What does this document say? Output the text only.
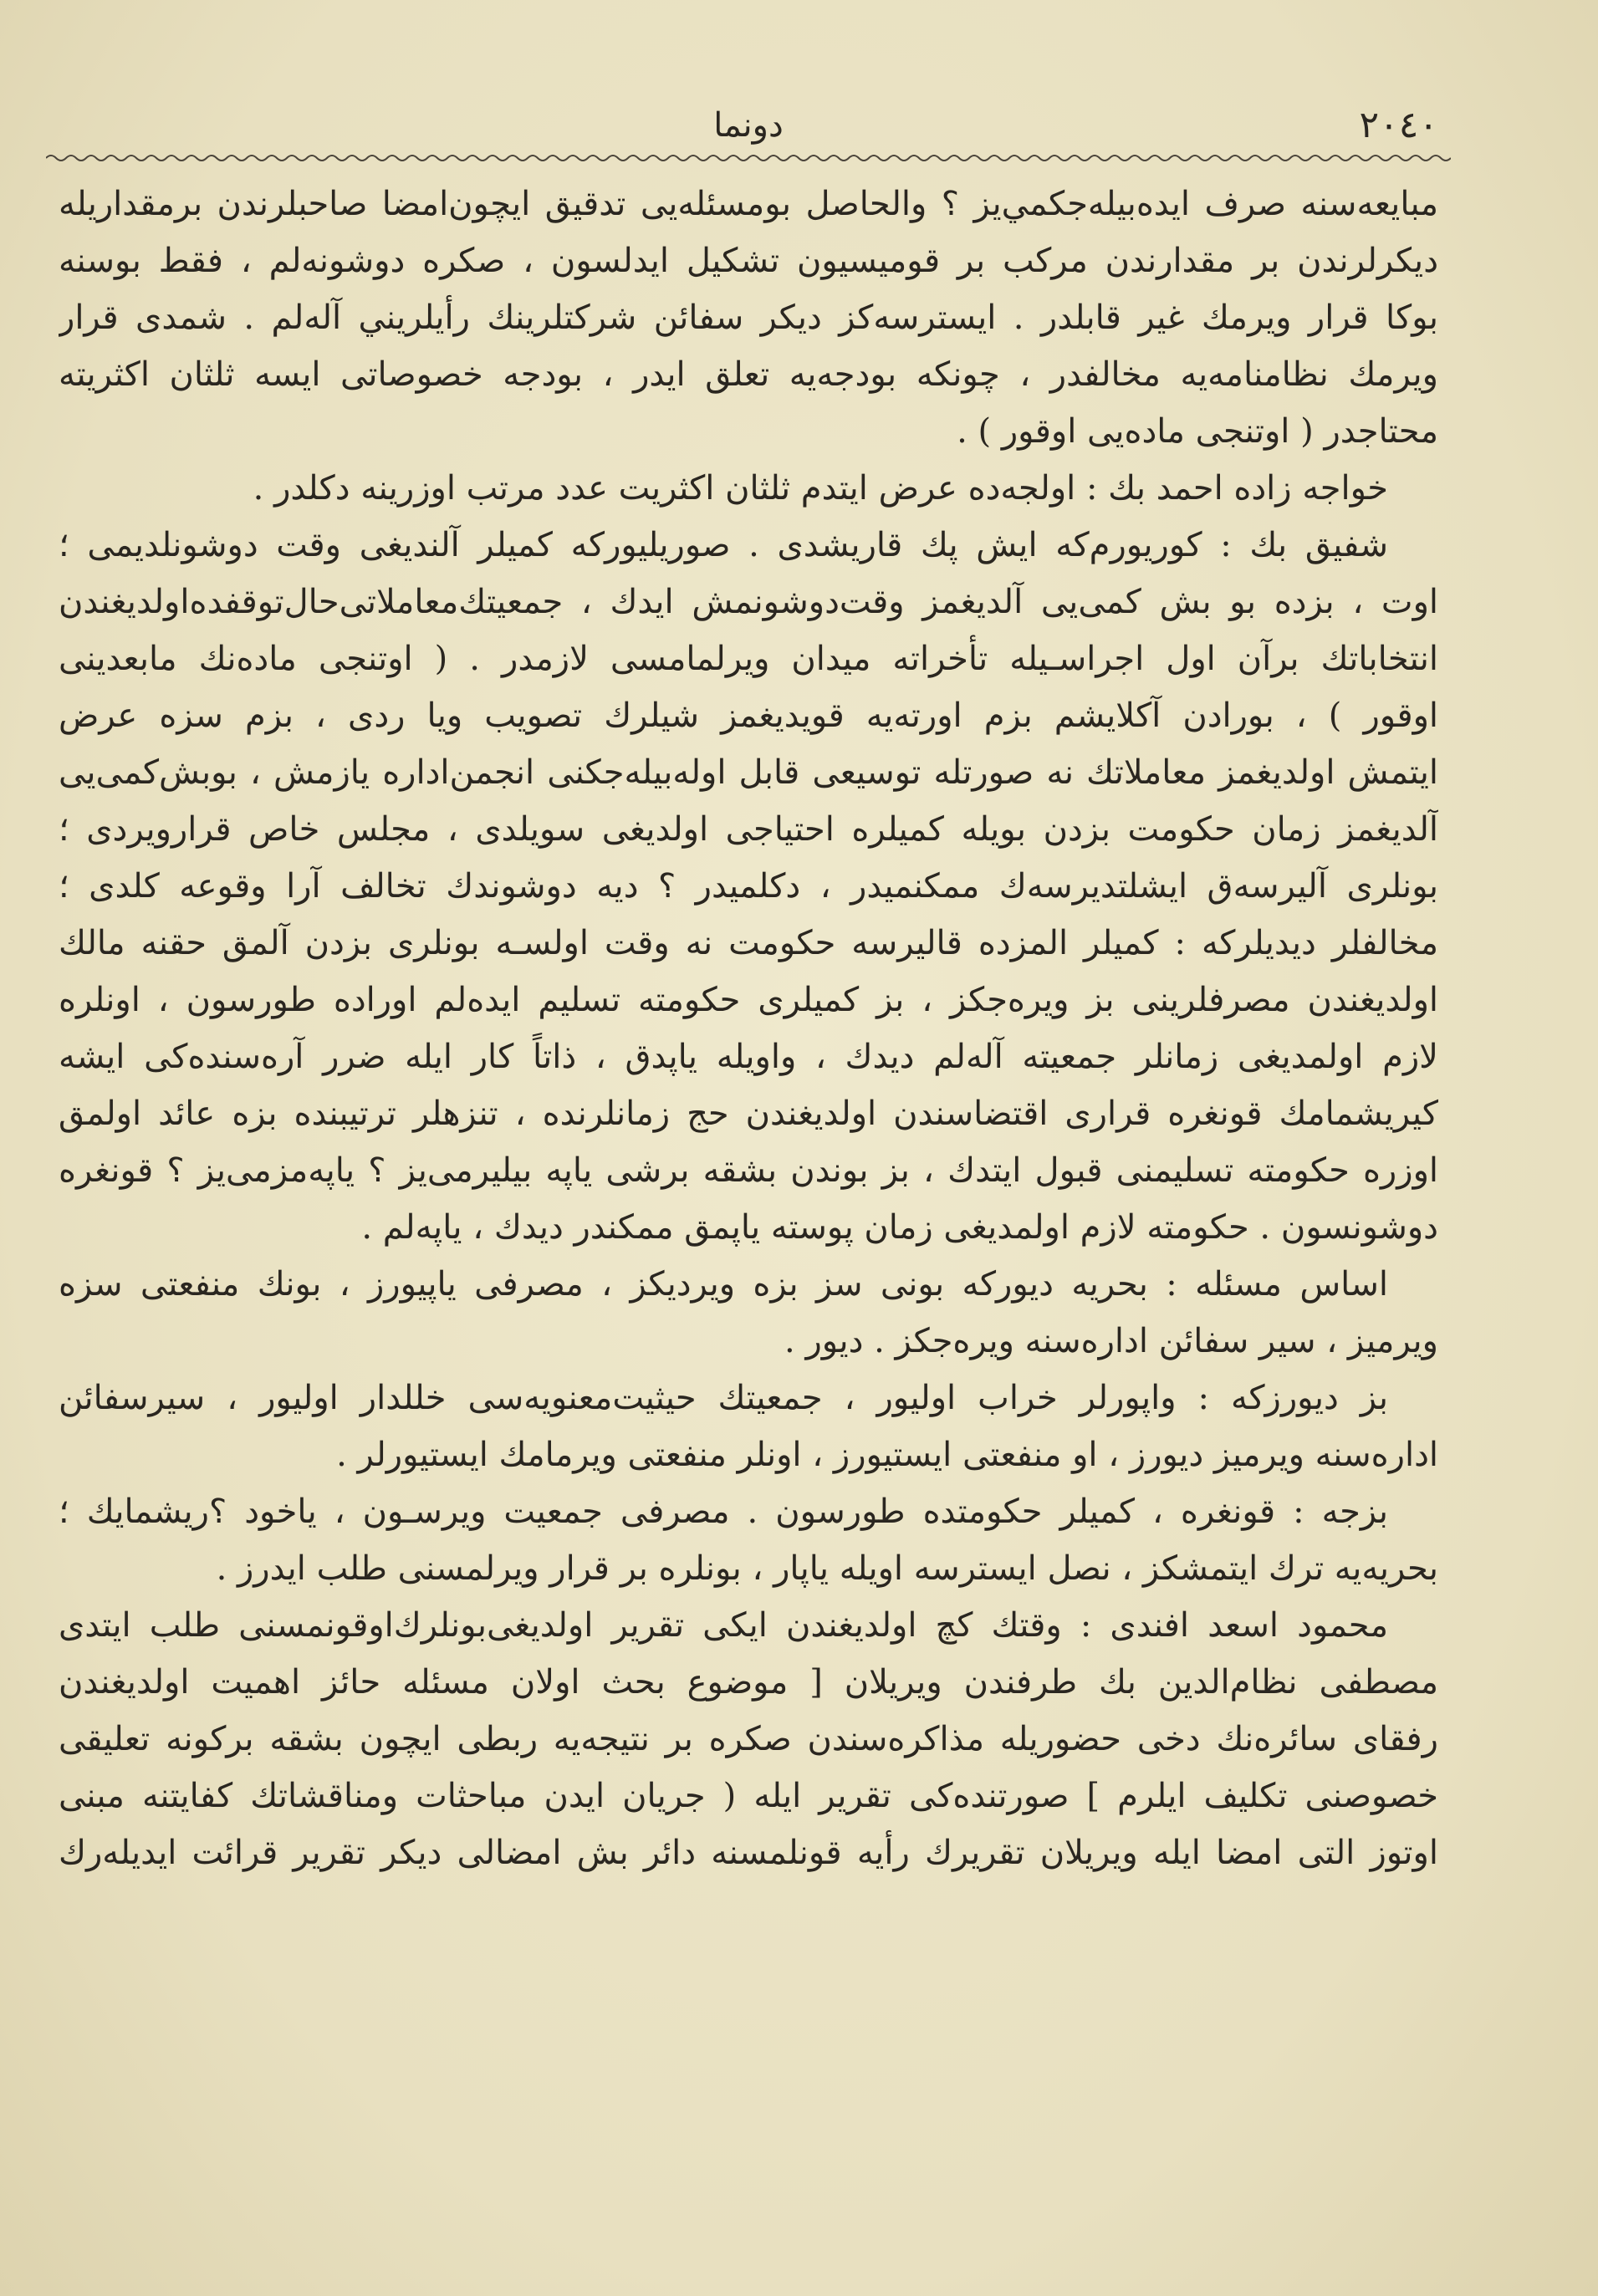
٢٠٤٠
دونما
مبايعه‌سنه صرف ايده‌بيله‌جكمي‌يز ؟ والحاصل بومسئله‌يى تدقيق ايچون‌امضا صاحبلرندن برمقداريله
ديكرلرندن بر مقدارندن مركب بر قوميسيون تشكيل ايدلسون ، صكره دوشونه‌لم ، فقط بوسنه
بوكا قرار ويرمك غير قابلدر . ايسترسه‌كز ديكر سفائن شركتلرينك رأيلريني آله‌لم . شمدى قرار
ويرمك نظامنامه‌يه مخالفدر ، چونكه بودجه‌يه تعلق ايدر ، بودجه خصوصاتى ايسه ثلثان اكثريته
محتاجدر ( اوتنجى ماده‌يى اوقور ) .
خواجه زاده احمد بك : اولجه‌ده عرض ايتدم ثلثان اكثريت عدد مرتب اوزرينه دكلدر .
شفيق بك : كوريورم‌كه ايش پك قاريشدى . صوريليوركه كميلر آلنديغى وقت دوشونلديمى ؛
اوت ، بزده بو بش كمى‌يى آلديغمز وقت‌دوشونمش ايدك ، جمعيتك‌معاملاتى‌حال‌توقفده‌اولديغندن
انتخاباتك برآن اول اجراسـيله تأخراته ميدان ويرلمامسى لازمدر . ( اوتنجى ماده‌نك مابعدينى
اوقور ) ، بورادن آكلايشم بزم اورته‌يه قويديغمز شيلرك تصويب ويا ردى ، بزم سزه عرض
ايتمش اولديغمز معاملاتك نه صورتله توسيعى قابل اوله‌بيله‌جكنى انجمن‌اداره يازمش ، بوبش‌كمى‌يى
آلديغمز زمان حكومت بزدن بويله كميلره احتياجى اولديغى سويلدى ، مجلس خاص قرارويردى ؛
بونلرى آليرسه‌ق ايشلتديرسه‌ك ممكنميدر ، دكلميدر ؟ ديه دوشوندك تخالف آرا وقوعه كلدى ؛
مخالفلر ديديلركه : كميلر المزده قاليرسه حكومت نه وقت اولسـه بونلرى بزدن آلمق حقنه مالك
اولديغندن مصرفلرينى بز ويره‌جكز ، بز كميلرى حكومته تسليم ايده‌لم اوراده طورسون ، اونلره
لازم اولمديغى زمانلر جمعيته آله‌لم ديدك ، واويله ياپدق ، ذاتاً كار ايله ضرر آره‌سنده‌كى ايشه
كيريشمامك قونغره قرارى اقتضاسندن اولديغندن حج زمانلرنده ، تنزهلر ترتيبنده بزه عائد اولمق
اوزره حكومته تسليمنى قبول ايتدك ، بز بوندن بشقه برشى ياپه بيليرمى‌يز ؟ ياپه‌مزمى‌يز ؟ قونغره
دوشونسون . حكومته لازم اولمديغى زمان پوسته ياپمق ممكندر ديدك ، ياپه‌لم .
اساس مسئله : بحريه ديوركه بونى سز بزه ويرديكز ، مصرفى ياپيورز ، بونك منفعتى سزه
ويرميز ، سير سفائن اداره‌سنه ويره‌جكز . ديور .
بز ديورزكه : واپورلر خراب اوليور ، جمعيتك حيثيت‌معنويه‌سى خللدار اوليور ، سيرسفائن
اداره‌سنه ويرميز ديورز ، او منفعتى ايستيورز ، اونلر منفعتى ويرمامك ايستيورلر .
بزجه : قونغره ، كميلر حكومتده طورسون . مصرفى جمعيت ويرسـون ، ياخود ؟ريشمايك ؛
بحريه‌يه ترك ايتمشكز ، نصل ايسترسه اويله ياپار ، بونلره بر قرار ويرلمسنى طلب ايدرز .
محمود اسعد افندى : وقتك كچ اولديغندن ايكى تقرير اولديغى‌بونلرك‌اوقونمسنى طلب ايتدى
مصطفى نظام‌الدين بك طرفندن ويريلان [ موضوع بحث اولان مسئله حائز اهميت اولديغندن
رفقاى سائره‌نك دخى حضوريله مذاكره‌سندن صكره بر نتيجه‌يه ربطى ايچون بشقه بركونه تعليقى
خصوصنى تكليف ايلرم ] صورتنده‌كى تقرير ايله ( جريان ايدن مباحثات ومناقشاتك كفايتنه مبنى
اوتوز التى امضا ايله ويريلان تقريرك رأيه قونلمسنه دائر بش امضالى ديكر تقرير قرائت ايديله‌رك
